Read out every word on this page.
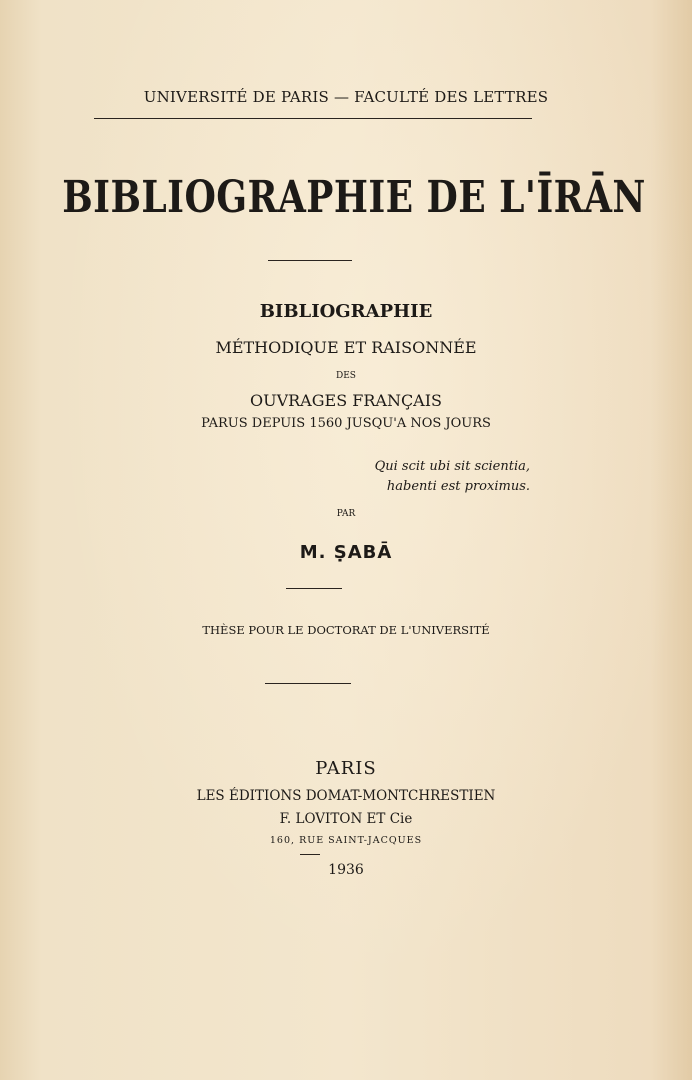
UNIVERSITÉ DE PARIS — FACULTÉ DES LETTRES
BIBLIOGRAPHIE DE L'ĪRĀN
BIBLIOGRAPHIE
MÉTHODIQUE ET RAISONNÉE
DES
OUVRAGES FRANÇAIS
PARUS DEPUIS 1560 JUSQU'A NOS JOURS
Qui scit ubi sit scientia,
habenti est proximus.
PAR
M. ṢABĀ
THÈSE POUR LE DOCTORAT DE L'UNIVERSITÉ
PARIS
LES ÉDITIONS DOMAT-MONTCHRESTIEN
F. LOVITON ET Cie
160, RUE SAINT-JACQUES
1936
